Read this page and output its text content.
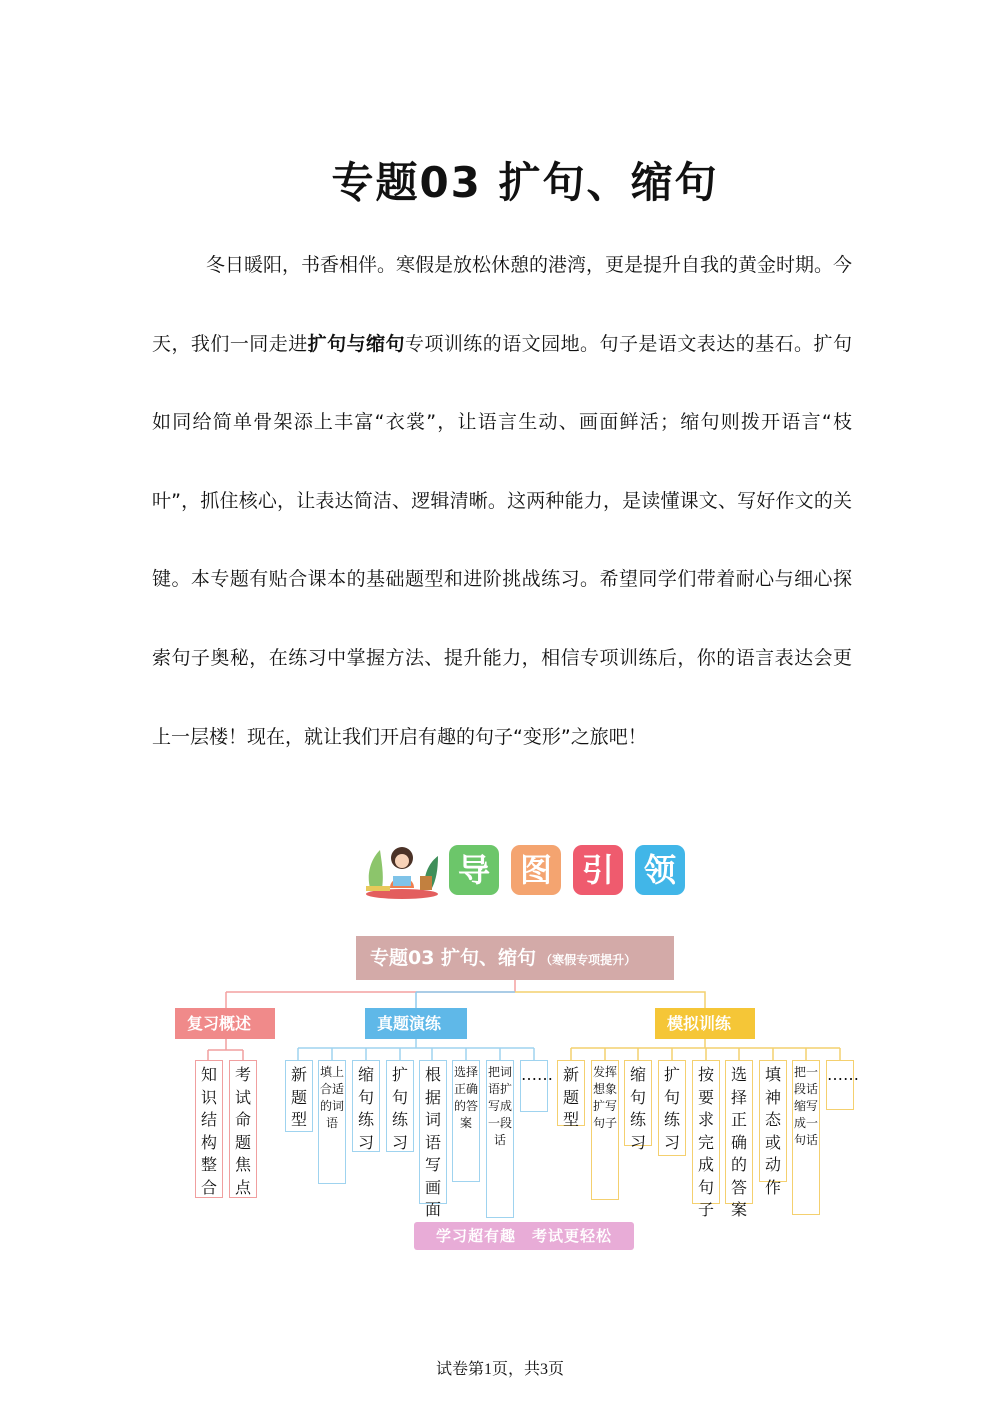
专题03 扩句、缩句

冬日暖阳，书香相伴。寒假是放松休憩的港湾，更是提升自我的黄金时期。今天，我们一同走进扩句与缩句专项训练的语文园地。句子是语文表达的基石。扩句如同给简单骨架添上丰富“衣裳”，让语言生动、画面鲜活；缩句则拨开语言“枝叶”，抓住核心，让表达简洁、逻辑清晰。这两种能力，是读懂课文、写好作文的关键。本专题有贴合课本的基础题型和进阶挑战练习。希望同学们带着耐心与细心探索句子奥秘，在练习中掌握方法、提升能力，相信专项训练后，你的语言表达会更上一层楼！现在，就让我们开启有趣的句子“变形”之旅吧！

导 图 引 领
专题03 扩句、缩句 （寒假专项提升）
复习概述	真题演练	模拟训练
知识结构整合
考试命题焦点
新题型
填上合适的词语
缩句练习
扩句练习
根据词语写画面
选择正确的答案
把词语扩写成一段话
…… 新题型
发挥想象扩写句子
缩句练习
扩句练习
按要求完成句子
选择正确的答案
填神态或动作
把一段话缩写成一句话
……
学习超有趣　考试更轻松
试卷第1页，共3页
